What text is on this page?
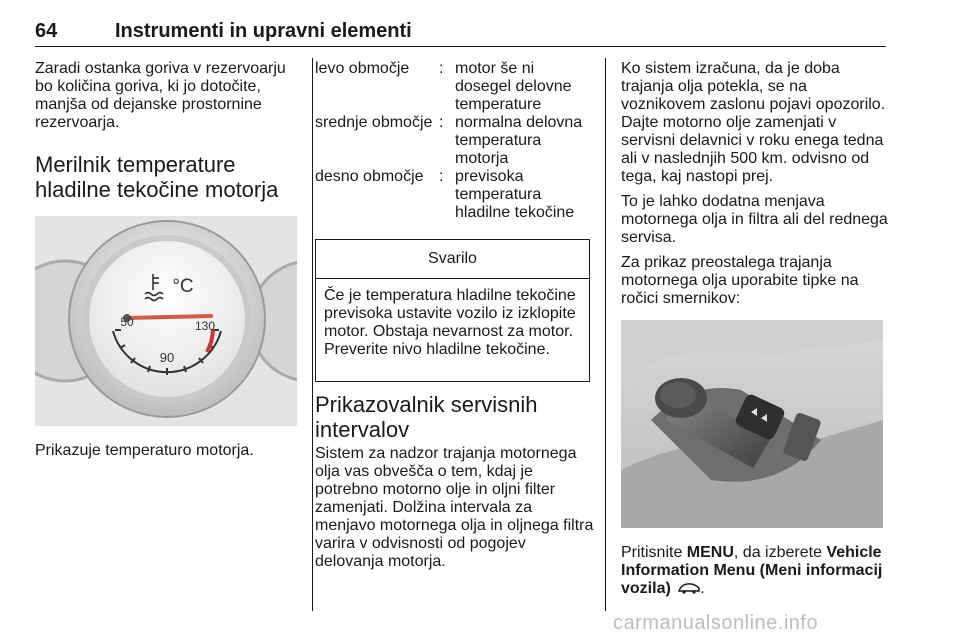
64	Instrumenti in upravni elementi

Zaradi ostanka goriva v rezervoarju bo količina goriva, ki jo dotočite, manjša od dejanske prostornine rezervoarja.

Merilnik temperature hladilne tekočine motorja
50	130
90
°C

Prikazuje temperaturo motorja.

levo območje	:	motor še ni dosegel delovne temperature
srednje območje	:	normalna delovna temperatura motorja
desno območje	:	previsoka temperatura hladilne tekočine
Svarilo
Če je temperatura hladilne tekočine previsoka ustavite vozilo iz izklopite motor. Obstaja nevarnost za motor. Preverite nivo hladilne tekočine.
Prikazovalnik servisnih intervalov

Sistem za nadzor trajanja motornega olja vas obvešča o tem, kdaj je potrebno motorno olje in oljni filter zamenjati. Dolžina intervala za menjavo motornega olja in oljnega filtra varira v odvisnosti od pogojev delovanja motorja.

Ko sistem izračuna, da je doba trajanja olja potekla, se na voznikovem zaslonu pojavi opozorilo. Dajte motorno olje zamenjati v servisni delavnici v roku enega tedna ali v naslednjih 500 km. odvisno od tega, kaj nastopi prej.

To je lahko dodatna menjava motornega olja in filtra ali del rednega servisa.

Za prikaz preostalega trajanja motornega olja uporabite tipke na ročici smernikov:

Pritisnite MENU, da izberete Vehicle Information Menu (Meni informacij vozila) .

carmanualsonline.info
